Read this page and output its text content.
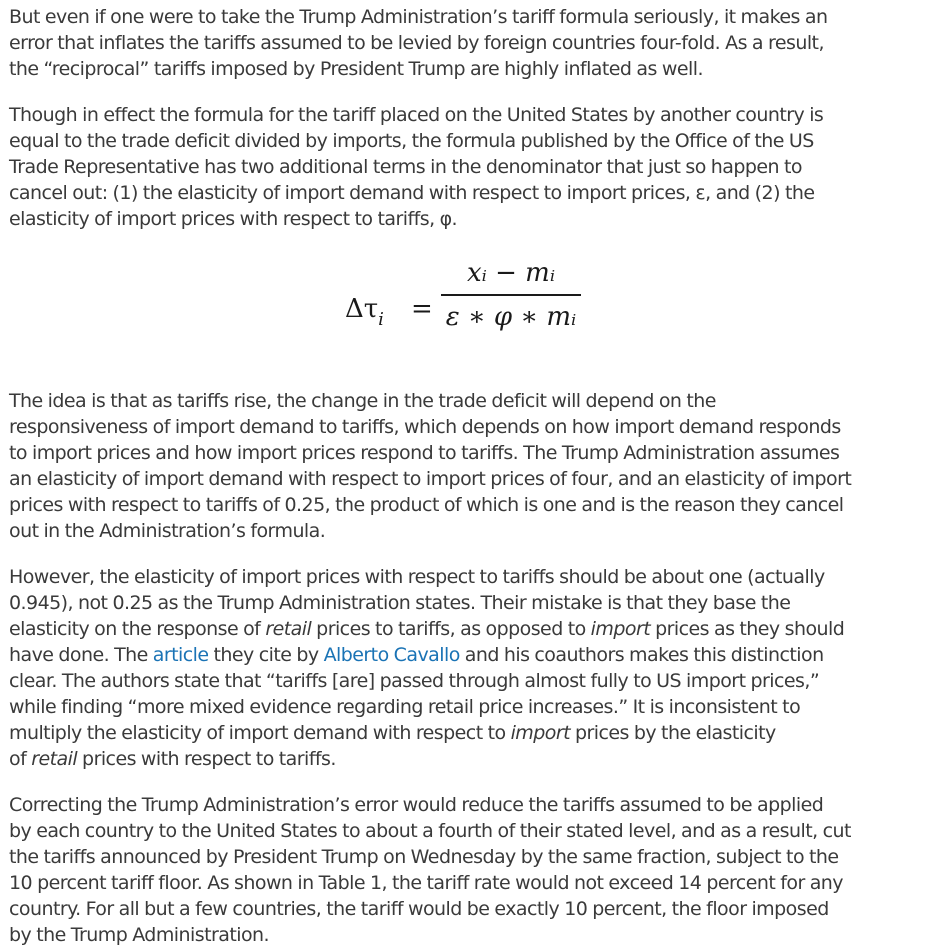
But even if one were to take the Trump Administration’s tariff formula seriously, it makes an
error that inflates the tariffs assumed to be levied by foreign countries four-fold. As a result,
the “reciprocal” tariffs imposed by President Trump are highly inflated as well.

Though in effect the formula for the tariff placed on the United States by another country is
equal to the trade deficit divided by imports, the formula published by the Office of the US
Trade Representative has two additional terms in the denominator that just so happen to
cancel out: (1) the elasticity of import demand with respect to import prices, ε, and (2) the
elasticity of import prices with respect to tariffs, φ.

$\Delta\tau_i$ =
xᵢ − mᵢ
ε ∗ φ ∗ mᵢ

The idea is that as tariffs rise, the change in the trade deficit will depend on the
responsiveness of import demand to tariffs, which depends on how import demand responds
to import prices and how import prices respond to tariffs. The Trump Administration assumes
an elasticity of import demand with respect to import prices of four, and an elasticity of import
prices with respect to tariffs of 0.25, the product of which is one and is the reason they cancel
out in the Administration’s formula.

However, the elasticity of import prices with respect to tariffs should be about one (actually
0.945), not 0.25 as the Trump Administration states. Their mistake is that they base the
elasticity on the response of retail prices to tariffs, as opposed to import prices as they should
have done. The article they cite by Alberto Cavallo and his coauthors makes this distinction
clear. The authors state that “tariffs [are] passed through almost fully to US import prices,”
while finding “more mixed evidence regarding retail price increases.” It is inconsistent to
multiply the elasticity of import demand with respect to import prices by the elasticity
of retail prices with respect to tariffs.

Correcting the Trump Administration’s error would reduce the tariffs assumed to be applied
by each country to the United States to about a fourth of their stated level, and as a result, cut
the tariffs announced by President Trump on Wednesday by the same fraction, subject to the
10 percent tariff floor. As shown in Table 1, the tariff rate would not exceed 14 percent for any
country. For all but a few countries, the tariff would be exactly 10 percent, the floor imposed
by the Trump Administration.
